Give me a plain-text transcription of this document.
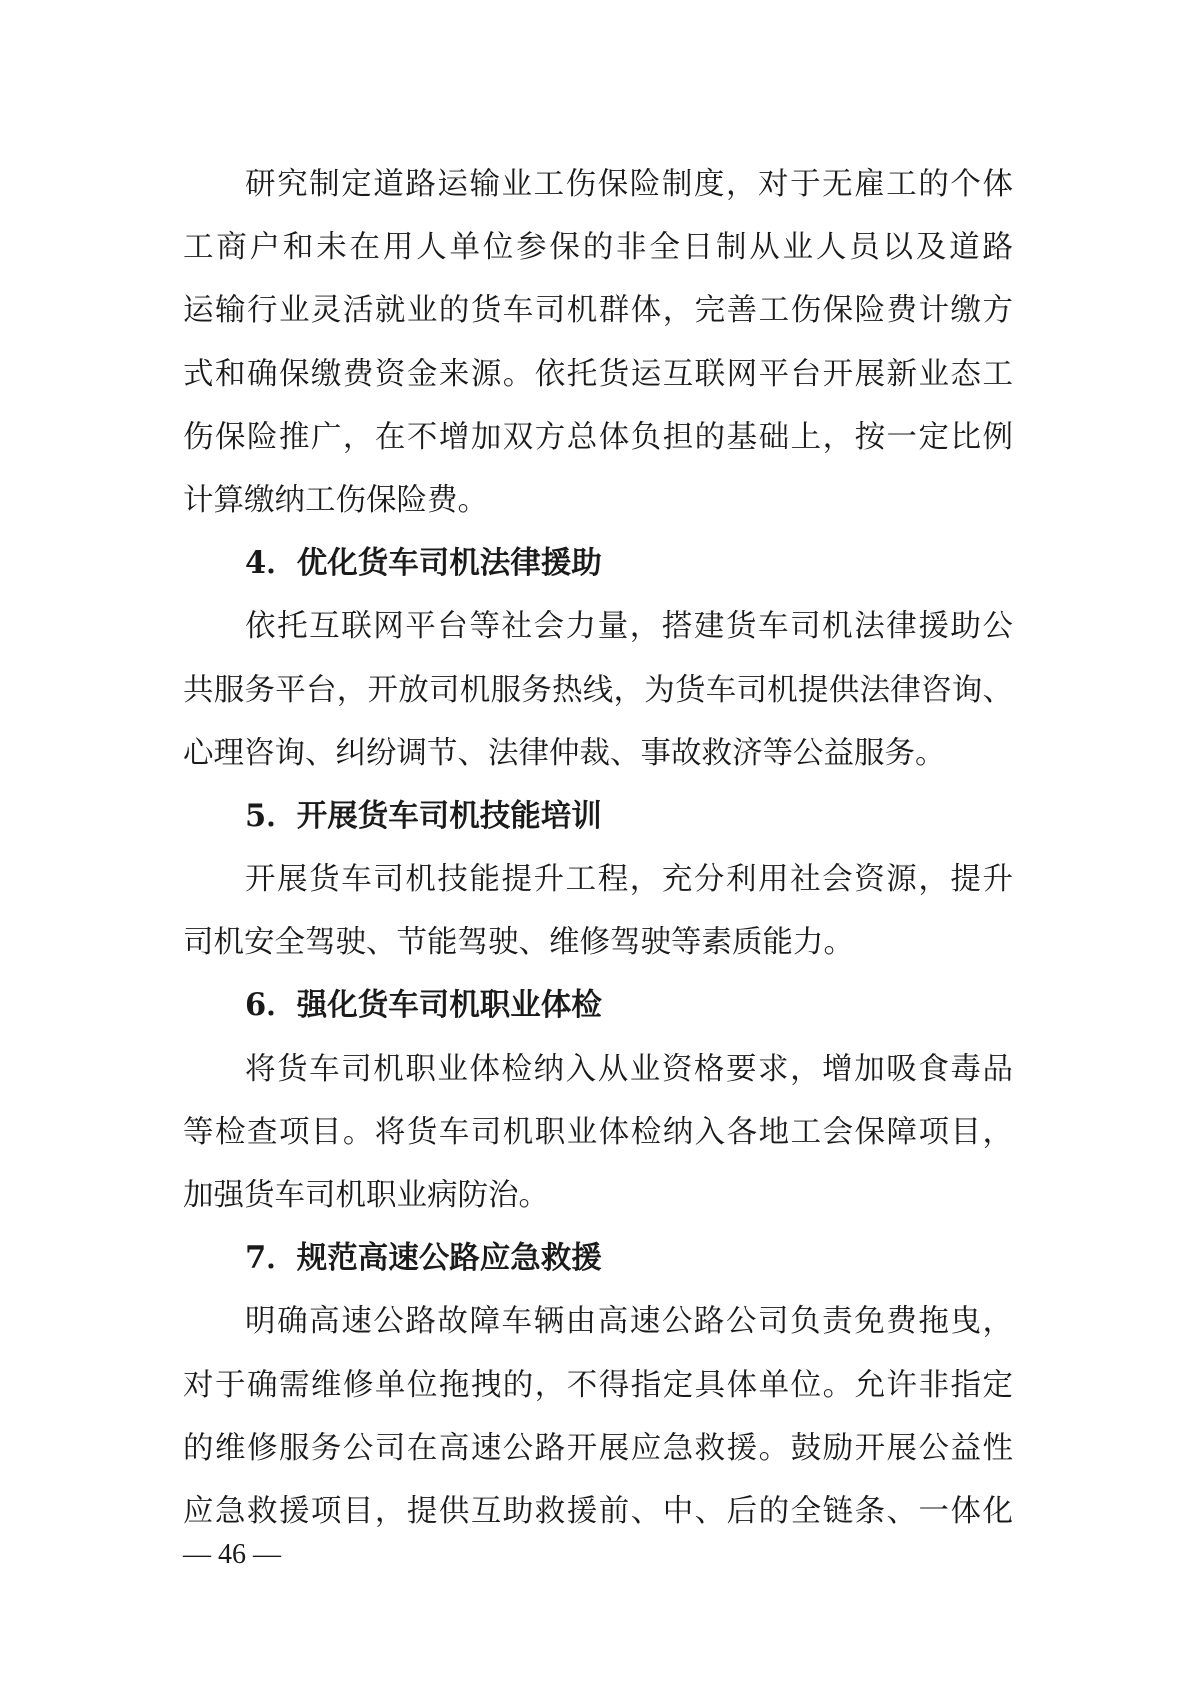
研究制定道路运输业工伤保险制度，对于无雇工的个体
工商户和未在用人单位参保的非全日制从业人员以及道路
运输行业灵活就业的货车司机群体，完善工伤保险费计缴方
式和确保缴费资金来源。依托货运互联网平台开展新业态工
伤保险推广，在不增加双方总体负担的基础上，按一定比例
计算缴纳工伤保险费。
4．优化货车司机法律援助
依托互联网平台等社会力量，搭建货车司机法律援助公
共服务平台，开放司机服务热线，为货车司机提供法律咨询、
心理咨询、纠纷调节、法律仲裁、事故救济等公益服务。
5．开展货车司机技能培训
开展货车司机技能提升工程，充分利用社会资源，提升
司机安全驾驶、节能驾驶、维修驾驶等素质能力。
6．强化货车司机职业体检
将货车司机职业体检纳入从业资格要求，增加吸食毒品
等检查项目。将货车司机职业体检纳入各地工会保障项目，
加强货车司机职业病防治。
7．规范高速公路应急救援
明确高速公路故障车辆由高速公路公司负责免费拖曳，
对于确需维修单位拖拽的，不得指定具体单位。允许非指定
的维修服务公司在高速公路开展应急救援。鼓励开展公益性
应急救援项目，提供互助救援前、中、后的全链条、一体化
— 46 —
